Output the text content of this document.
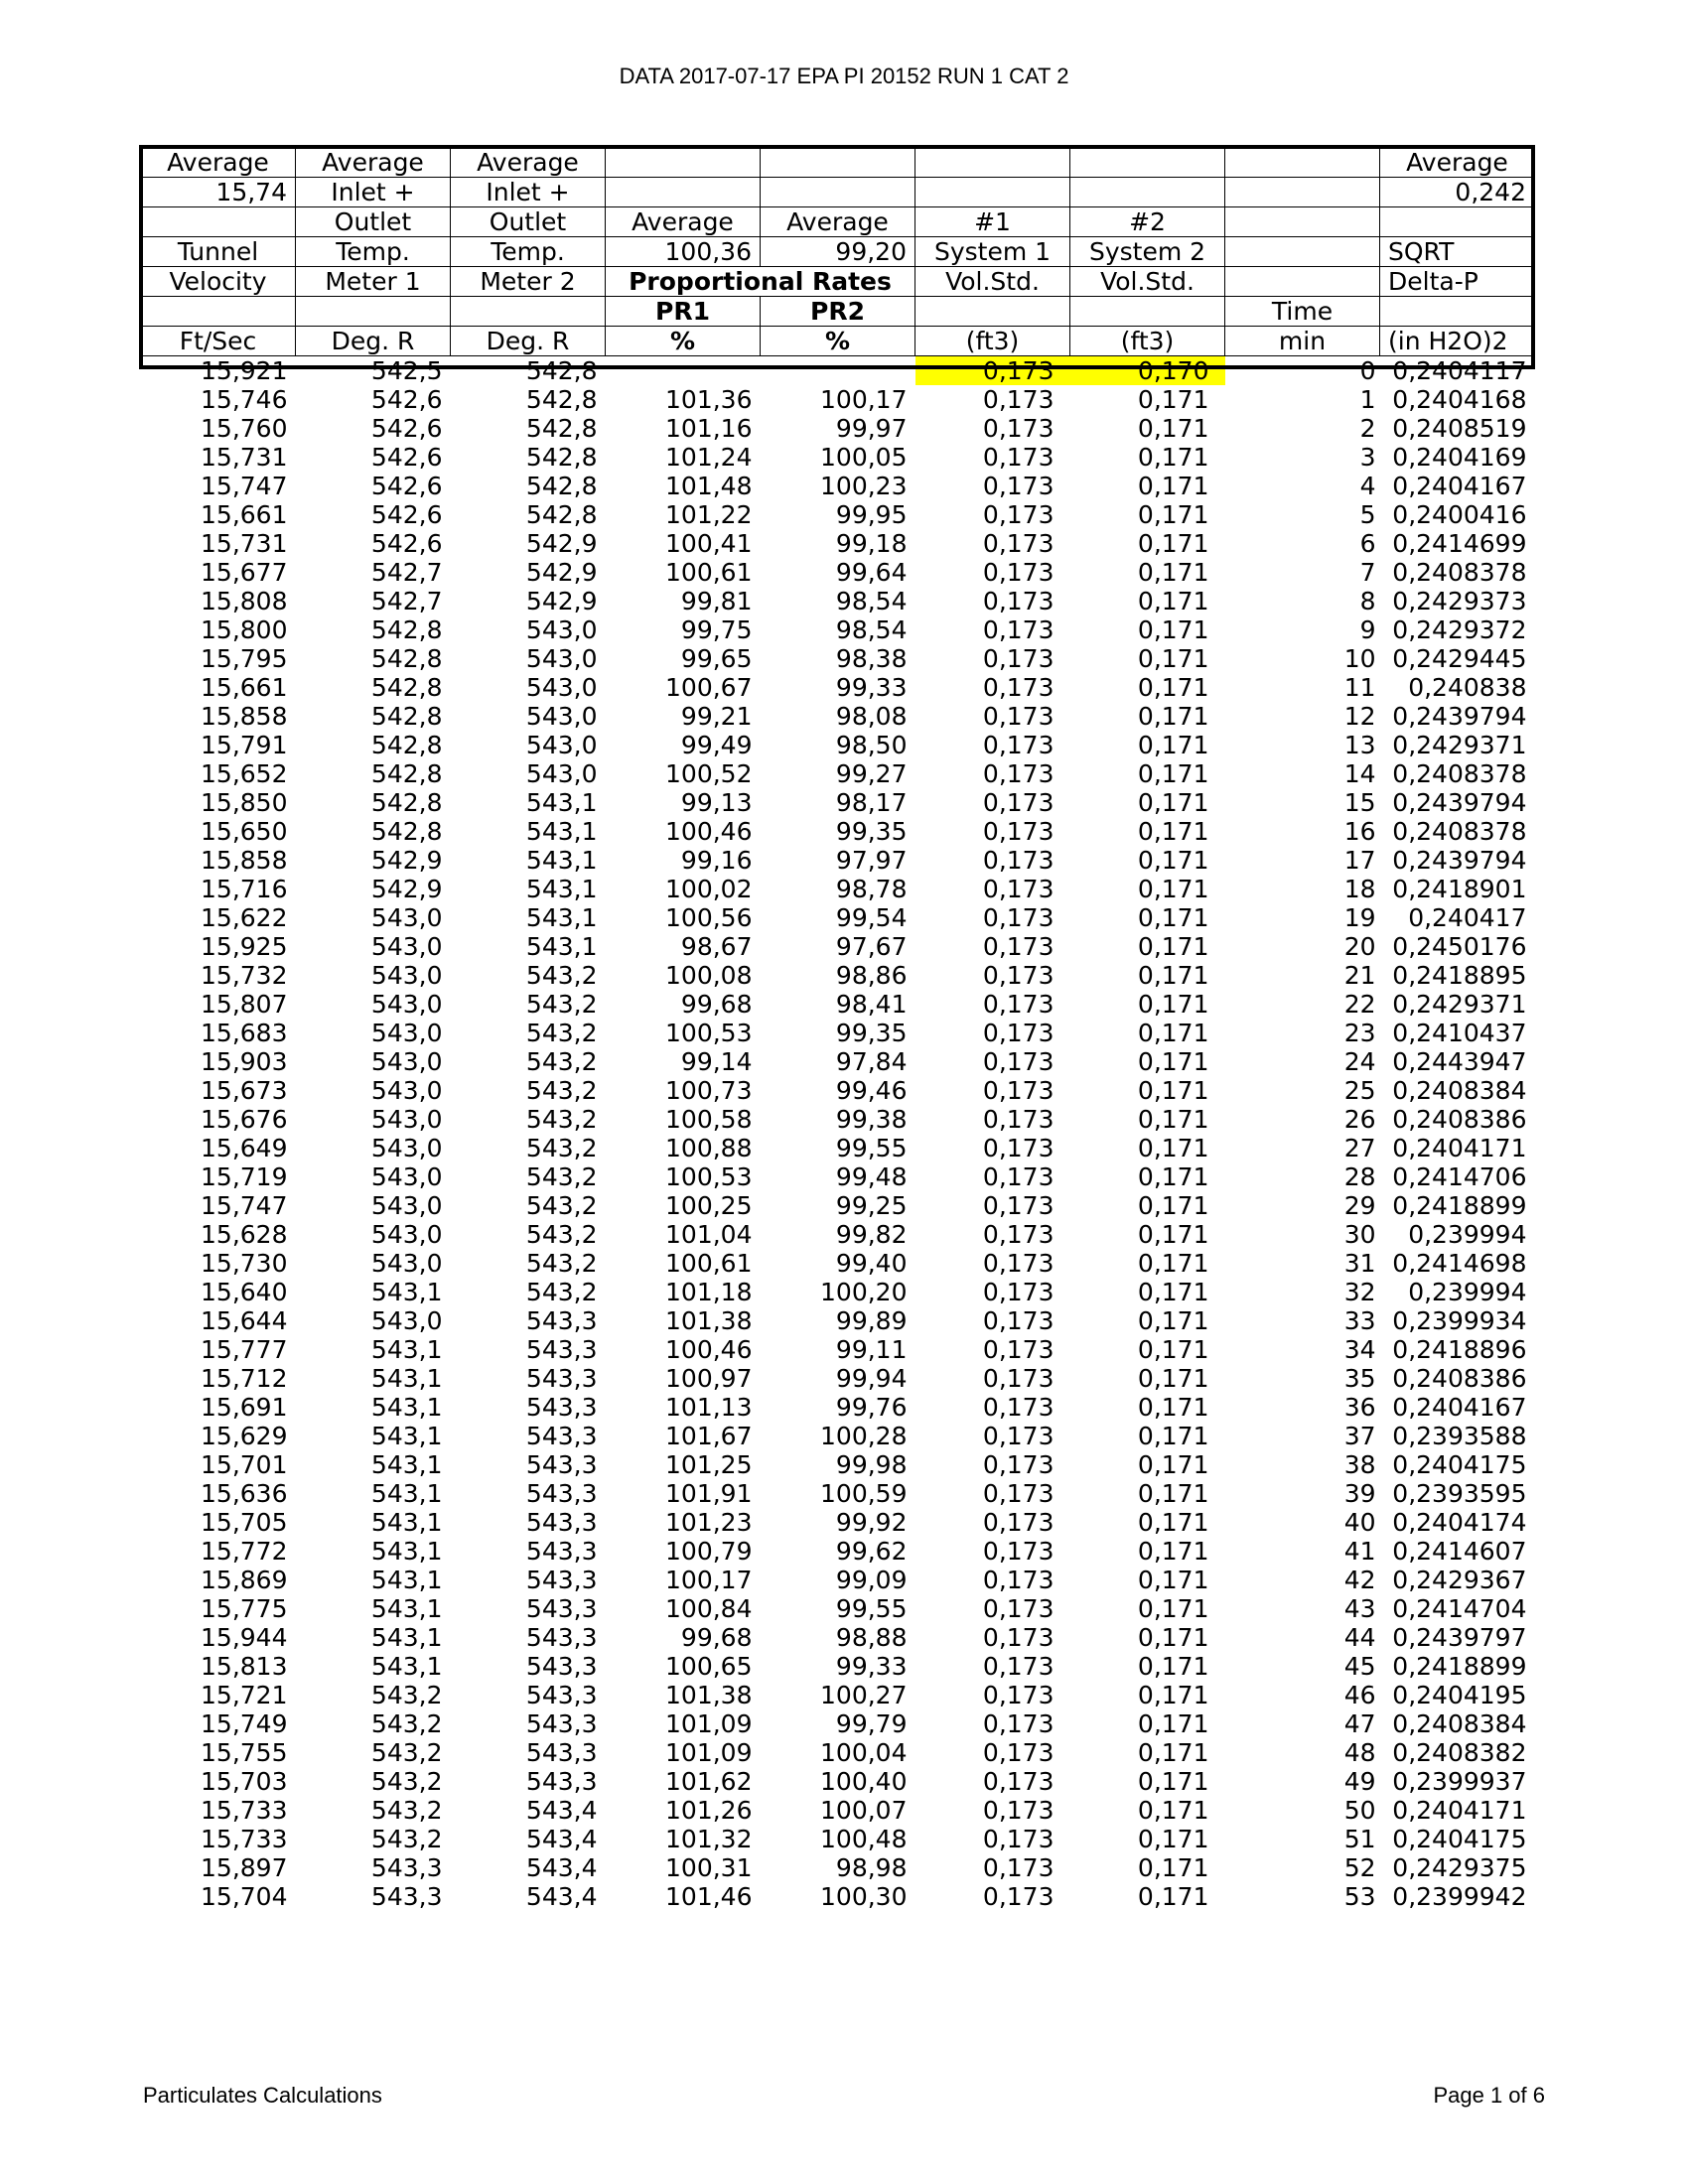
DATA 2017-07-17 EPA PI 20152 RUN 1 CAT 2
Average	Average	Average						Average
15,74	Inlet +	Inlet +						0,242
	Outlet	Outlet	Average	Average	#1	#2		
Tunnel	Temp.	Temp.	100,36	99,20	System 1	System 2		SQRT
Velocity	Meter 1	Meter 2	Proportional Rates		Vol.Std.	Vol.Std.		Delta-P
			PR1	PR2			Time	
Ft/Sec	Deg. R	Deg. R	%	%	(ft3)	(ft3)	min	(in H2O)2
15,921	542,5	542,8			0,173	0,170	0	0,2404117
15,746	542,6	542,8	101,36	100,17	0,173	0,171	1	0,2404168
15,760	542,6	542,8	101,16	99,97	0,173	0,171	2	0,2408519
15,731	542,6	542,8	101,24	100,05	0,173	0,171	3	0,2404169
15,747	542,6	542,8	101,48	100,23	0,173	0,171	4	0,2404167
15,661	542,6	542,8	101,22	99,95	0,173	0,171	5	0,2400416
15,731	542,6	542,9	100,41	99,18	0,173	0,171	6	0,2414699
15,677	542,7	542,9	100,61	99,64	0,173	0,171	7	0,2408378
15,808	542,7	542,9	99,81	98,54	0,173	0,171	8	0,2429373
15,800	542,8	543,0	99,75	98,54	0,173	0,171	9	0,2429372
15,795	542,8	543,0	99,65	98,38	0,173	0,171	10	0,2429445
15,661	542,8	543,0	100,67	99,33	0,173	0,171	11	0,240838
15,858	542,8	543,0	99,21	98,08	0,173	0,171	12	0,2439794
15,791	542,8	543,0	99,49	98,50	0,173	0,171	13	0,2429371
15,652	542,8	543,0	100,52	99,27	0,173	0,171	14	0,2408378
15,850	542,8	543,1	99,13	98,17	0,173	0,171	15	0,2439794
15,650	542,8	543,1	100,46	99,35	0,173	0,171	16	0,2408378
15,858	542,9	543,1	99,16	97,97	0,173	0,171	17	0,2439794
15,716	542,9	543,1	100,02	98,78	0,173	0,171	18	0,2418901
15,622	543,0	543,1	100,56	99,54	0,173	0,171	19	0,240417
15,925	543,0	543,1	98,67	97,67	0,173	0,171	20	0,2450176
15,732	543,0	543,2	100,08	98,86	0,173	0,171	21	0,2418895
15,807	543,0	543,2	99,68	98,41	0,173	0,171	22	0,2429371
15,683	543,0	543,2	100,53	99,35	0,173	0,171	23	0,2410437
15,903	543,0	543,2	99,14	97,84	0,173	0,171	24	0,2443947
15,673	543,0	543,2	100,73	99,46	0,173	0,171	25	0,2408384
15,676	543,0	543,2	100,58	99,38	0,173	0,171	26	0,2408386
15,649	543,0	543,2	100,88	99,55	0,173	0,171	27	0,2404171
15,719	543,0	543,2	100,53	99,48	0,173	0,171	28	0,2414706
15,747	543,0	543,2	100,25	99,25	0,173	0,171	29	0,2418899
15,628	543,0	543,2	101,04	99,82	0,173	0,171	30	0,239994
15,730	543,0	543,2	100,61	99,40	0,173	0,171	31	0,2414698
15,640	543,1	543,2	101,18	100,20	0,173	0,171	32	0,239994
15,644	543,0	543,3	101,38	99,89	0,173	0,171	33	0,2399934
15,777	543,1	543,3	100,46	99,11	0,173	0,171	34	0,2418896
15,712	543,1	543,3	100,97	99,94	0,173	0,171	35	0,2408386
15,691	543,1	543,3	101,13	99,76	0,173	0,171	36	0,2404167
15,629	543,1	543,3	101,67	100,28	0,173	0,171	37	0,2393588
15,701	543,1	543,3	101,25	99,98	0,173	0,171	38	0,2404175
15,636	543,1	543,3	101,91	100,59	0,173	0,171	39	0,2393595
15,705	543,1	543,3	101,23	99,92	0,173	0,171	40	0,2404174
15,772	543,1	543,3	100,79	99,62	0,173	0,171	41	0,2414607
15,869	543,1	543,3	100,17	99,09	0,173	0,171	42	0,2429367
15,775	543,1	543,3	100,84	99,55	0,173	0,171	43	0,2414704
15,944	543,1	543,3	99,68	98,88	0,173	0,171	44	0,2439797
15,813	543,1	543,3	100,65	99,33	0,173	0,171	45	0,2418899
15,721	543,2	543,3	101,38	100,27	0,173	0,171	46	0,2404195
15,749	543,2	543,3	101,09	99,79	0,173	0,171	47	0,2408384
15,755	543,2	543,3	101,09	100,04	0,173	0,171	48	0,2408382
15,703	543,2	543,3	101,62	100,40	0,173	0,171	49	0,2399937
15,733	543,2	543,4	101,26	100,07	0,173	0,171	50	0,2404171
15,733	543,2	543,4	101,32	100,48	0,173	0,171	51	0,2404175
15,897	543,3	543,4	100,31	98,98	0,173	0,171	52	0,2429375
15,704	543,3	543,4	101,46	100,30	0,173	0,171	53	0,2399942
Particulates Calculations	Page 1 of 6
